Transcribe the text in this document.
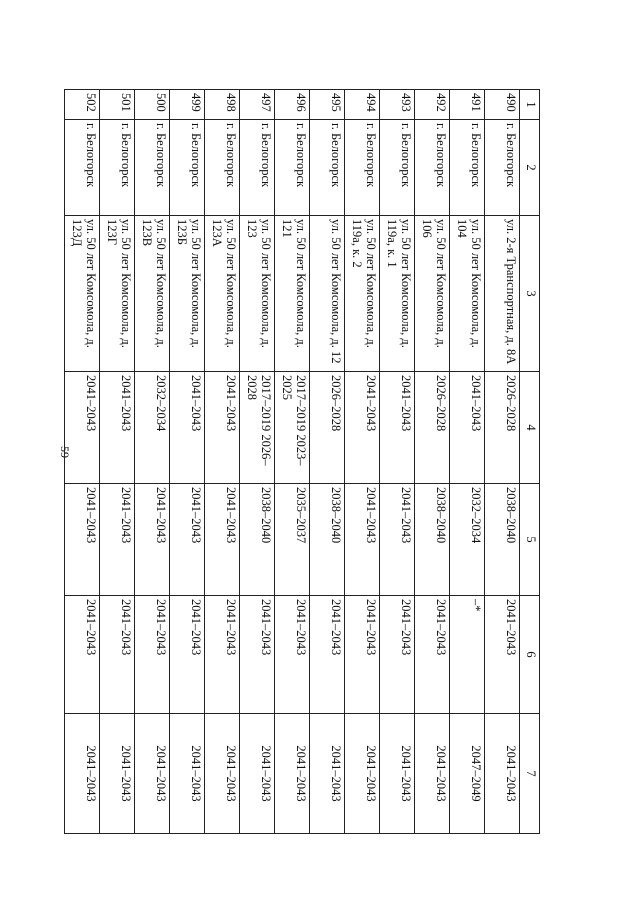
59
1	2	3	4	5	6	7
490	г. Белогорск	ул. 2-я Транспортная, д. 8А	2026–2028	2038–2040	2041–2043	2041–2043
491	г. Белогорск	ул. 50 лет Комсомола, д. 104	2041–2043	2032–2034	–*	2047–2049
492	г. Белогорск	ул. 50 лет Комсомола, д. 106	2026–2028	2038–2040	2041–2043	2041–2043
493	г. Белогорск	ул. 50 лет Комсомола, д. 119а, к. 1	2041–2043	2041–2043	2041–2043	2041–2043
494	г. Белогорск	ул. 50 лет Комсомола, д. 119а, к. 2	2041–2043	2041–2043	2041–2043	2041–2043
495	г. Белогорск	ул. 50 лет Комсомола, д. 12	2026–2028	2038–2040	2041–2043	2041–2043
496	г. Белогорск	ул. 50 лет Комсомола, д. 121	2017–2019 2023–2025	2035–2037	2041–2043	2041–2043
497	г. Белогорск	ул. 50 лет Комсомола, д. 123	2017–2019 2026–2028	2038–2040	2041–2043	2041–2043
498	г. Белогорск	ул. 50 лет Комсомола, д. 123А	2041–2043	2041–2043	2041–2043	2041–2043
499	г. Белогорск	ул. 50 лет Комсомола, д. 123Б	2041–2043	2041–2043	2041–2043	2041–2043
500	г. Белогорск	ул. 50 лет Комсомола, д. 123В	2032–2034	2041–2043	2041–2043	2041–2043
501	г. Белогорск	ул. 50 лет Комсомола, д. 123Г	2041–2043	2041–2043	2041–2043	2041–2043
502	г. Белогорск	ул. 50 лет Комсомола, д. 123Д	2041–2043	2041–2043	2041–2043	2041–2043
